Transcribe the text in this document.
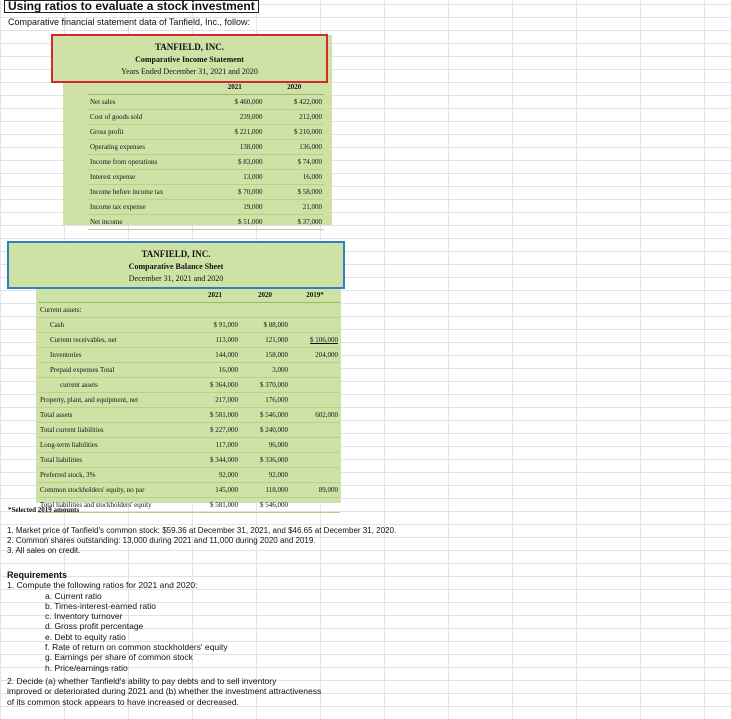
Using ratios to evaluate a stock investment
Comparative financial statement data of Tanfield, Inc., follow:
TANFIELD, INC.
Comparative Income Statement
Years Ended December 31, 2021 and 2020
	2021	2020
Net sales	$ 460,000	$ 422,000
Cost of goods sold	239,000	212,000
Gross profit	$ 221,000	$ 210,000
Operating expenses	138,000	136,000
Income from operations	$ 83,000	$ 74,000
Interest expense	13,000	16,000
Income before income tax	$ 70,000	$ 58,000
Income tax expense	19,000	21,000
Net income	$ 51,000	$ 37,000
TANFIELD, INC.
Comparative Balance Sheet
December 31, 2021 and 2020
	2021	2020	2019*
Current assets:			
Cash	$ 91,000	$ 88,000	
Current receivables, net	113,000	121,000	$ 106,000
Inventories	144,000	158,000	204,000
Prepaid expenses Total	16,000	3,000	
current assets	$ 364,000	$ 370,000	
Property, plant, and equipment, net	217,000	176,000	
Total assets	$ 581,000	$ 546,000	602,000
Total current liabilities	$ 227,000	$ 240,000	
Long-term liabilities	117,000	96,000	
Total liabilities	$ 344,000	$ 336,000	
Preferred stock, 3%	92,000	92,000	
Common stockholders' equity, no par	145,000	118,000	89,000
Total liabilities and stockholders' equity	$ 581,000	$ 546,000	
*Selected 2019 amounts
1. Market price of Tanfield's common stock: $59.36 at December 31, 2021, and $46.65 at December 31, 2020.
2. Common shares outstanding: 13,000 during 2021 and 11,000 during 2020 and 2019.
3. All sales on credit.
Requirements
1. Compute the following ratios for 2021 and 2020:
a. Current ratio
b. Times-interest-earned ratio
c. Inventory turnover
d. Gross profit percentage
e. Debt to equity ratio
f. Rate of return on common stockholders' equity
g. Earnings per share of common stock
h. Price/earnings ratio
2. Decide (a) whether Tanfield's ability to pay debts and to sell inventory
improved or deteriorated during 2021 and (b) whether the investment attractiveness
of its common stock appears to have increased or decreased.
